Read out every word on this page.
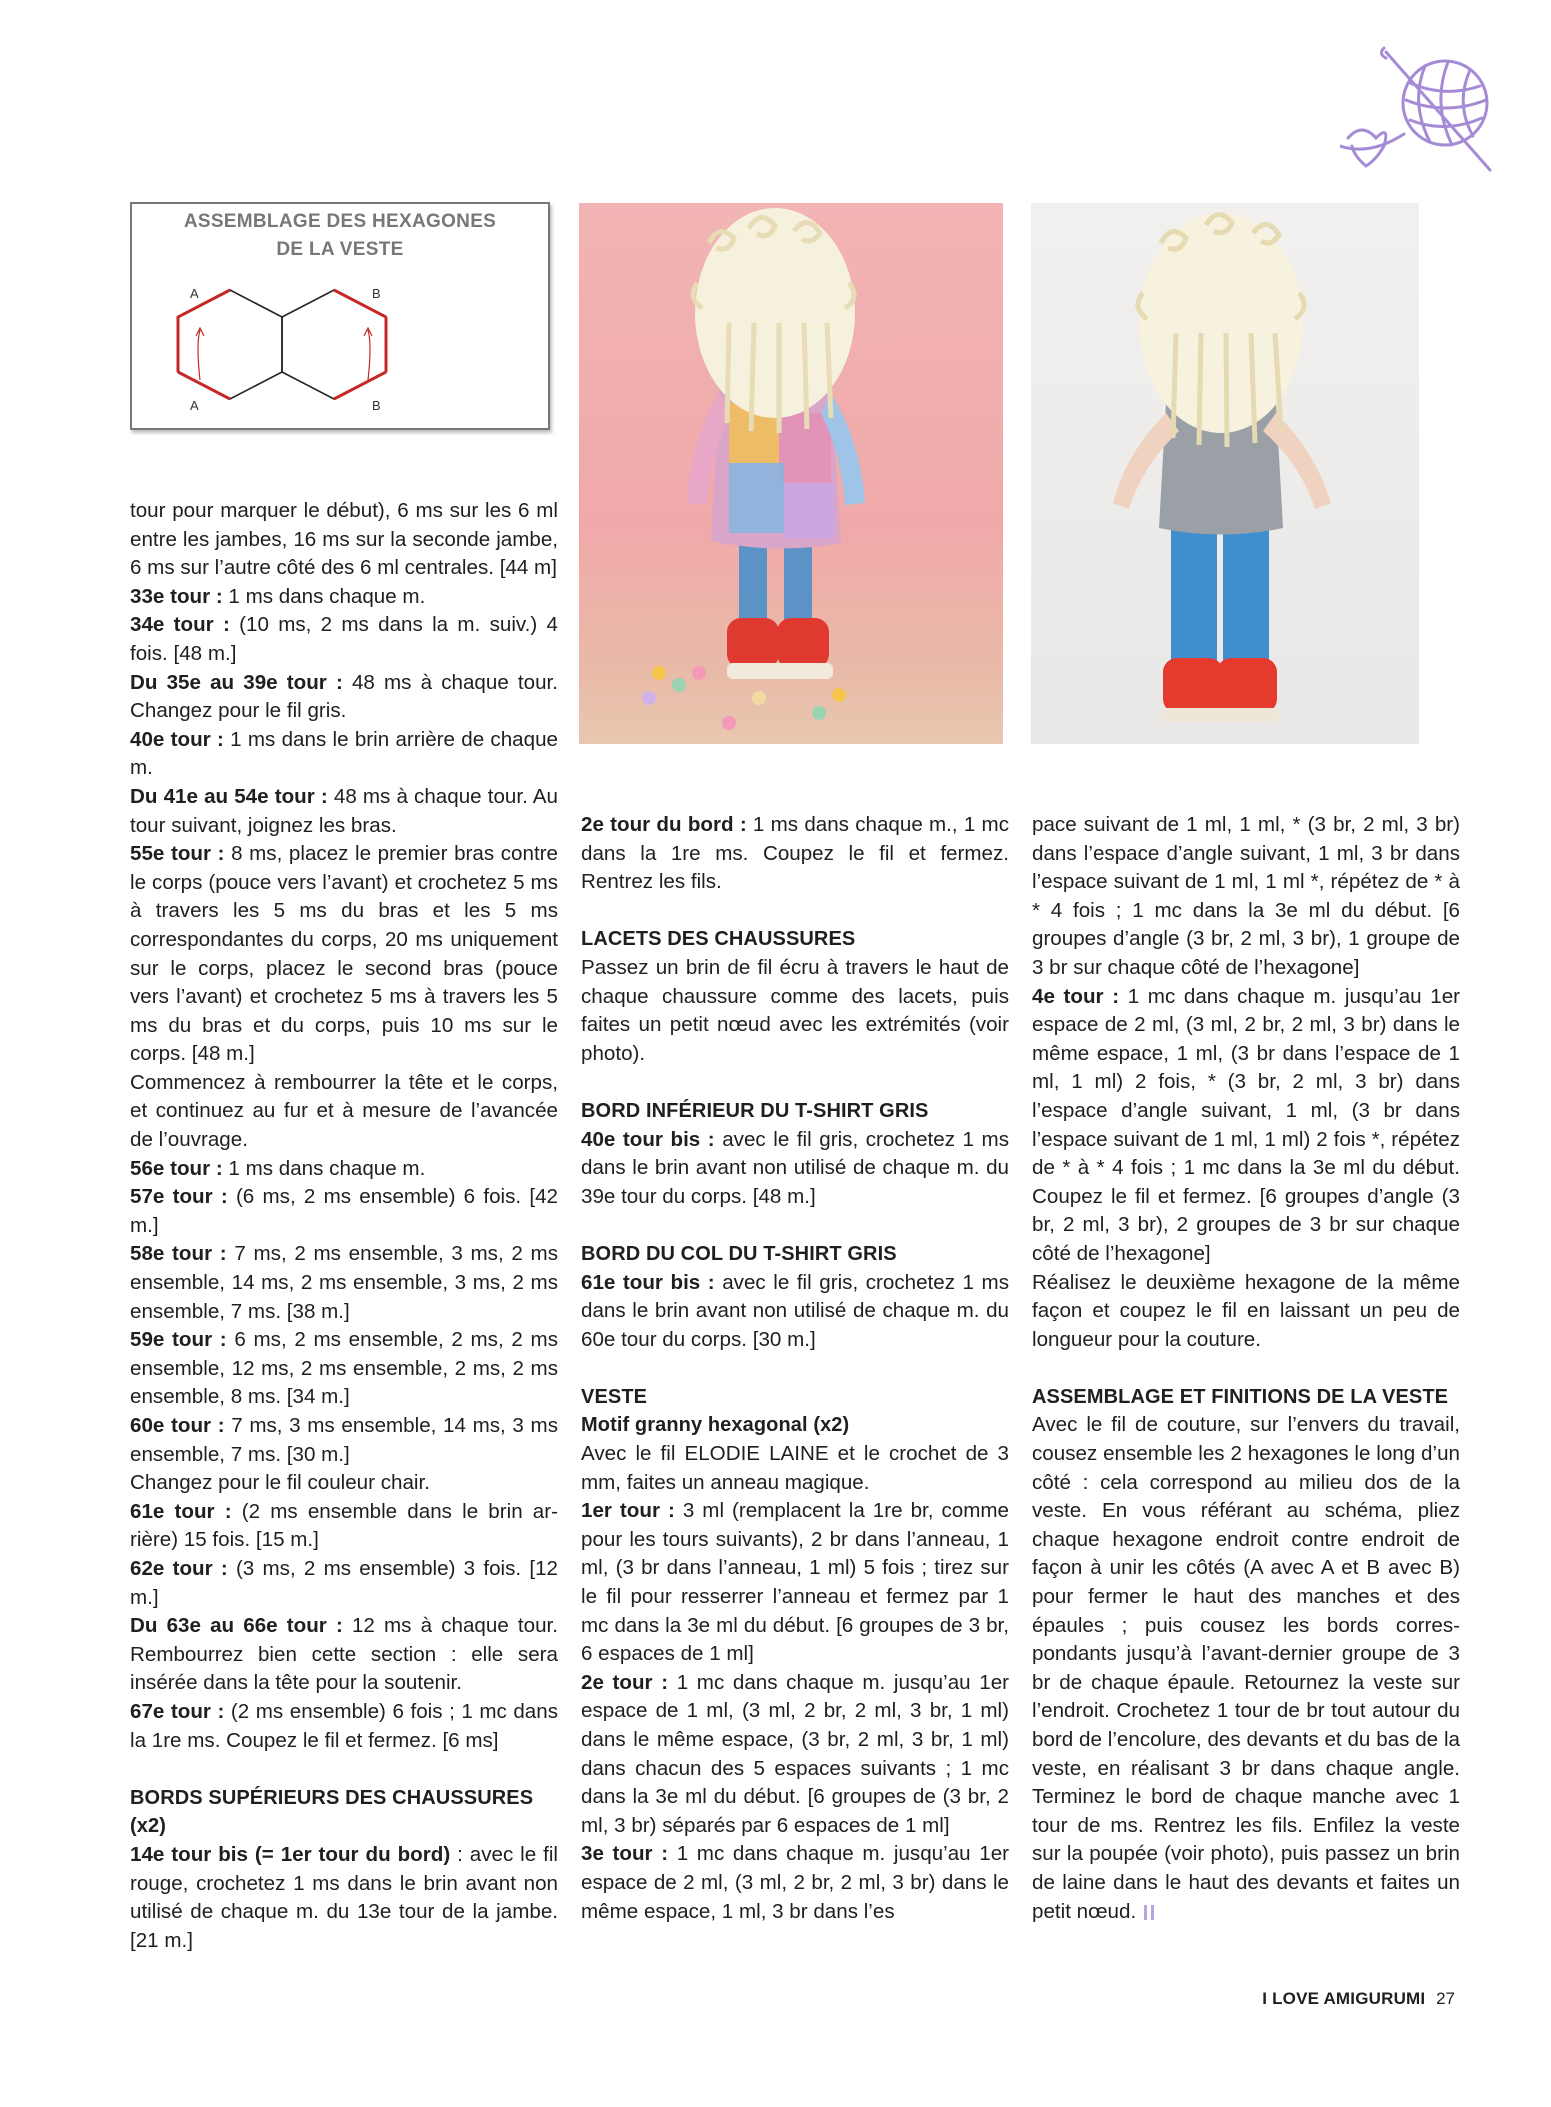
ASSEMBLAGE DES HEXAGONES
DE LA VESTE
A
A
B
B

tour pour marquer le début), 6 ms sur les 6 ml entre les jambes, 16 ms sur la seconde jambe, 6 ms sur l’autre côté des 6 ml centrales. [44 m]

33e tour : 1 ms dans chaque m.

34e tour : (10 ms, 2 ms dans la m. suiv.) 4 fois. [48 m.]

Du 35e au 39e tour : 48 ms à chaque tour. Changez pour le fil gris.

40e tour : 1 ms dans le brin arrière de chaque m.

Du 41e au 54e tour : 48 ms à chaque tour. Au tour suivant, joignez les bras.

55e tour : 8 ms, placez le premier bras contre le corps (pouce vers l’avant) et crochetez 5 ms à travers les 5 ms du bras et les 5 ms correspondantes du corps, 20 ms uniquement sur le corps, placez le second bras (pouce vers l’avant) et crochetez 5 ms à travers les 5 ms du bras et du corps, puis 10 ms sur le corps. [48 m.]

Commencez à rembourrer la tête et le corps, et continuez au fur et à mesure de l’avancée de l’ouvrage.

56e tour : 1 ms dans chaque m.

57e tour : (6 ms, 2 ms ensemble) 6 fois. [42 m.]

58e tour : 7 ms, 2 ms ensemble, 3 ms, 2 ms ensemble, 14 ms, 2 ms ensemble, 3 ms, 2 ms ensemble, 7 ms. [38 m.]

59e tour : 6 ms, 2 ms ensemble, 2 ms, 2 ms ensemble, 12 ms, 2 ms ensemble, 2 ms, 2 ms ensemble, 8 ms. [34 m.]

60e tour : 7 ms, 3 ms ensemble, 14 ms, 3 ms ensemble, 7 ms. [30 m.]

Changez pour le fil couleur chair.

61e tour : (2 ms ensemble dans le brin arrière) 15 fois. [15 m.]

62e tour : (3 ms, 2 ms ensemble) 3 fois. [12 m.]

Du 63e au 66e tour : 12 ms à chaque tour. Rembourrez bien cette section : elle sera insérée dans la tête pour la soutenir.

67e tour : (2 ms ensemble) 6 fois ; 1 mc dans la 1re ms. Coupez le fil et fermez. [6 ms]

BORDS SUPÉRIEURS DES CHAUSSURES (x2)

14e tour bis (= 1er tour du bord) : avec le fil rouge, crochetez 1 ms dans le brin avant non utilisé de chaque m. du 13e tour de la jambe. [21 m.]

2e tour du bord : 1 ms dans chaque m., 1 mc dans la 1re ms. Coupez le fil et fermez. Rentrez les fils.

LACETS DES CHAUSSURES

Passez un brin de fil écru à travers le haut de chaque chaussure comme des lacets, puis faites un petit nœud avec les extrémités (voir photo).

BORD INFÉRIEUR DU T-SHIRT GRIS

40e tour bis : avec le fil gris, crochetez 1 ms dans le brin avant non utilisé de chaque m. du 39e tour du corps. [48 m.]

BORD DU COL DU T-SHIRT GRIS

61e tour bis : avec le fil gris, crochetez 1 ms dans le brin avant non utilisé de chaque m. du 60e tour du corps. [30 m.]

VESTE
Motif granny hexagonal (x2)

Avec le fil ELODIE LAINE et le crochet de 3 mm, faites un anneau magique.

1er tour : 3 ml (remplacent la 1re br, comme pour les tours suivants), 2 br dans l’anneau, 1 ml, (3 br dans l’anneau, 1 ml) 5 fois ; tirez sur le fil pour resserrer l’anneau et fermez par 1 mc dans la 3e ml du début. [6 groupes de 3 br, 6 espaces de 1 ml]

2e tour : 1 mc dans chaque m. jusqu’au 1er espace de 1 ml, (3 ml, 2 br, 2 ml, 3 br, 1 ml) dans le même espace, (3 br, 2 ml, 3 br, 1 ml) dans chacun des 5 espaces suivants ; 1 mc dans la 3e ml du début. [6 groupes de (3 br, 2 ml, 3 br) séparés par 6 espaces de 1 ml]

3e tour : 1 mc dans chaque m. jusqu’au 1er espace de 2 ml, (3 ml, 2 br, 2 ml, 3 br) dans le même espace, 1 ml, 3 br dans l’es

pace suivant de 1 ml, 1 ml, * (3 br, 2 ml, 3 br) dans l’espace d’angle suivant, 1 ml, 3 br dans l’espace suivant de 1 ml, 1 ml *, répétez de * à * 4 fois ; 1 mc dans la 3e ml du début. [6 groupes d’angle (3 br, 2 ml, 3 br), 1 groupe de 3 br sur chaque côté de l’hexagone]

4e tour : 1 mc dans chaque m. jusqu’au 1er espace de 2 ml, (3 ml, 2 br, 2 ml, 3 br) dans le même espace, 1 ml, (3 br dans l’espace de 1 ml, 1 ml) 2 fois, * (3 br, 2 ml, 3 br) dans l’espace d’angle suivant, 1 ml, (3 br dans l’espace suivant de 1 ml, 1 ml) 2 fois *, répétez de * à * 4 fois ; 1 mc dans la 3e ml du début. Coupez le fil et fermez. [6 groupes d’angle (3 br, 2 ml, 3 br), 2 groupes de 3 br sur chaque côté de l’hexagone]

Réalisez le deuxième hexagone de la même façon et coupez le fil en laissant un peu de longueur pour la couture.

ASSEMBLAGE ET FINITIONS DE LA VESTE

Avec le fil de couture, sur l’envers du travail, cousez ensemble les 2 hexagones le long d’un côté : cela correspond au milieu dos de la veste. En vous référant au schéma, pliez chaque hexagone endroit contre endroit de façon à unir les côtés (A avec A et B avec B) pour fermer le haut des manches et des épaules ; puis cousez les bords correspondants jusqu’à l’avant-dernier groupe de 3 br de chaque épaule. Retournez la veste sur l’endroit. Crochetez 1 tour de br tout autour du bord de l’encolure, des devants et du bas de la veste, en réalisant 3 br dans chaque angle. Terminez le bord de chaque manche avec 1 tour de ms. Rentrez les fils. Enfilez la veste sur la poupée (voir photo), puis passez un brin de laine dans le haut des devants et faites un petit nœud.

I LOVE AMIGURUMI 27
